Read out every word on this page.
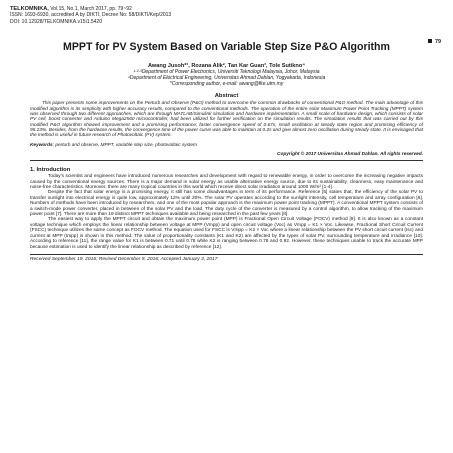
TELKOMNIKA, Vol.15, No.1, March 2017, pp. 79~92
ISSN: 1693-6930, accredited A by DIKTI, Decree No: 58/DIKTI/Kep/2013
DOI: 10.12928/TELKOMNIKA.v15i1.5420
79
MPPT for PV System Based on Variable Step Size P&O Algorithm
Awang Jusoh*¹, Rozana Alik², Tan Kar Guan³, Tole Sutikno⁴
¹·²·³Department of Power Electronics, Universiti Teknologi Malaysia, Johor, Malaysia
⁴Department of Electrical Engineering, Universitas Ahmad Dahlan, Yogyakarta, Indonesia
*Corresponding author, e-mail: awang@fke.utm.my
Abstract
This paper presents some improvements on the Perturb and Observe (P&O) method to overcome the common drawbacks of conventional P&O method. The main advantage of this modified algorithm is its simplicity with higher accuracy results, compared to the conventional methods. The operation of the entire solar Maximum Power Point Tracking (MPPT) system was observed through two different approaches, which are through MATLAB/Simulink simulation and hardware implementation. A small scale of hardware design, which consists of solar PV cell, boost converter and Arduino Mega2560 microcontroller, had been utilized for further verification on the simulation results. The simulation results that was carried out by this modified P&O algorithm showed improvement and a promising performance; faster convergence speed of 0.67s, small oscillation at steady state region and promising efficiency of 95.23%. Besides, from the hardware results, the convergence time of the power curve was able to maintain at 0.2s and give almost zero oscillation during steady state. It is envisaged that the method is useful in future research of Photovoltaic (PV) system.
Keywords: perturb and observe, MPPT, variable step size, photovoltaic system
Copyright © 2017 Universitas Ahmad Dahlan. All rights reserved.
1. Introduction
Today's scientist and engineers have introduced numerous researches and development with regard to renewable energy, in order to overcome the increasing negative impacts caused by the conventional energy sources. There is a major demand in solar energy as usable alternative energy source, due to its sustainability, cleanness, easy maintenance and noise-free characteristics. Moreover, there are many tropical countries in this world which receive direct solar irradiation around 1000 W/m² [1-4].
Despite the fact that solar energy is a promising energy, it still has some disadvantages in term of its performance. Reference [5] states that, the efficiency of the solar PV to transfer sunlight into electrical energy is quite low, approximately 12% until 20%. The solar PV operates according to the sunlight intensity, cell temperature and array configuration [6]. Numbers of methods have been introduced by researchers, and one of the most popular approach is the maximum power point tracking (MPPT). A conventional MPPT system consists of a switch-mode power converter, placed in between of the solar PV and the load. The duty cycle of the converter is measured by a control algorithm, to allow tracking of the maximum power point [7]. There are more than 19 distinct MPPT techniques available and being researched in the past few years [8].
The easiest way to apply the MPPT circuit and obtain the maximum power point (MPP) is Fractional Open Circuit Voltage (FOCV) method [9]. It is also known as a constant voltage technique which employs the linear relationship between voltage at MPP (Vmpp) and open circuit voltage (Voc) as Vmpp = K1 × Voc. Likewise, Fractional Short Circuit Current (FSCC) technique utilizes the same concept as FOCV method. The equation used for FSCC is Vmpp = K2 × Voc where a linear relationship between the PV short circuit current (Isc) and current at MPP (Impp) is shown in this method. The value of proportionality constants (K1 and K2) are affected by the types of solar PV, surrounding temperature and irradiance [10]. According to reference [11], the range value for K1 is between 0.71 until 0.78 while K2 is ranging between 0.78 and 0.92. However, these techniques unable to track the accurate MPP because estimation is used to identify the linear relationship as described by reference [12].
Received September 19, 2016; Revised December 9, 2016; Accepted January 3, 2017
